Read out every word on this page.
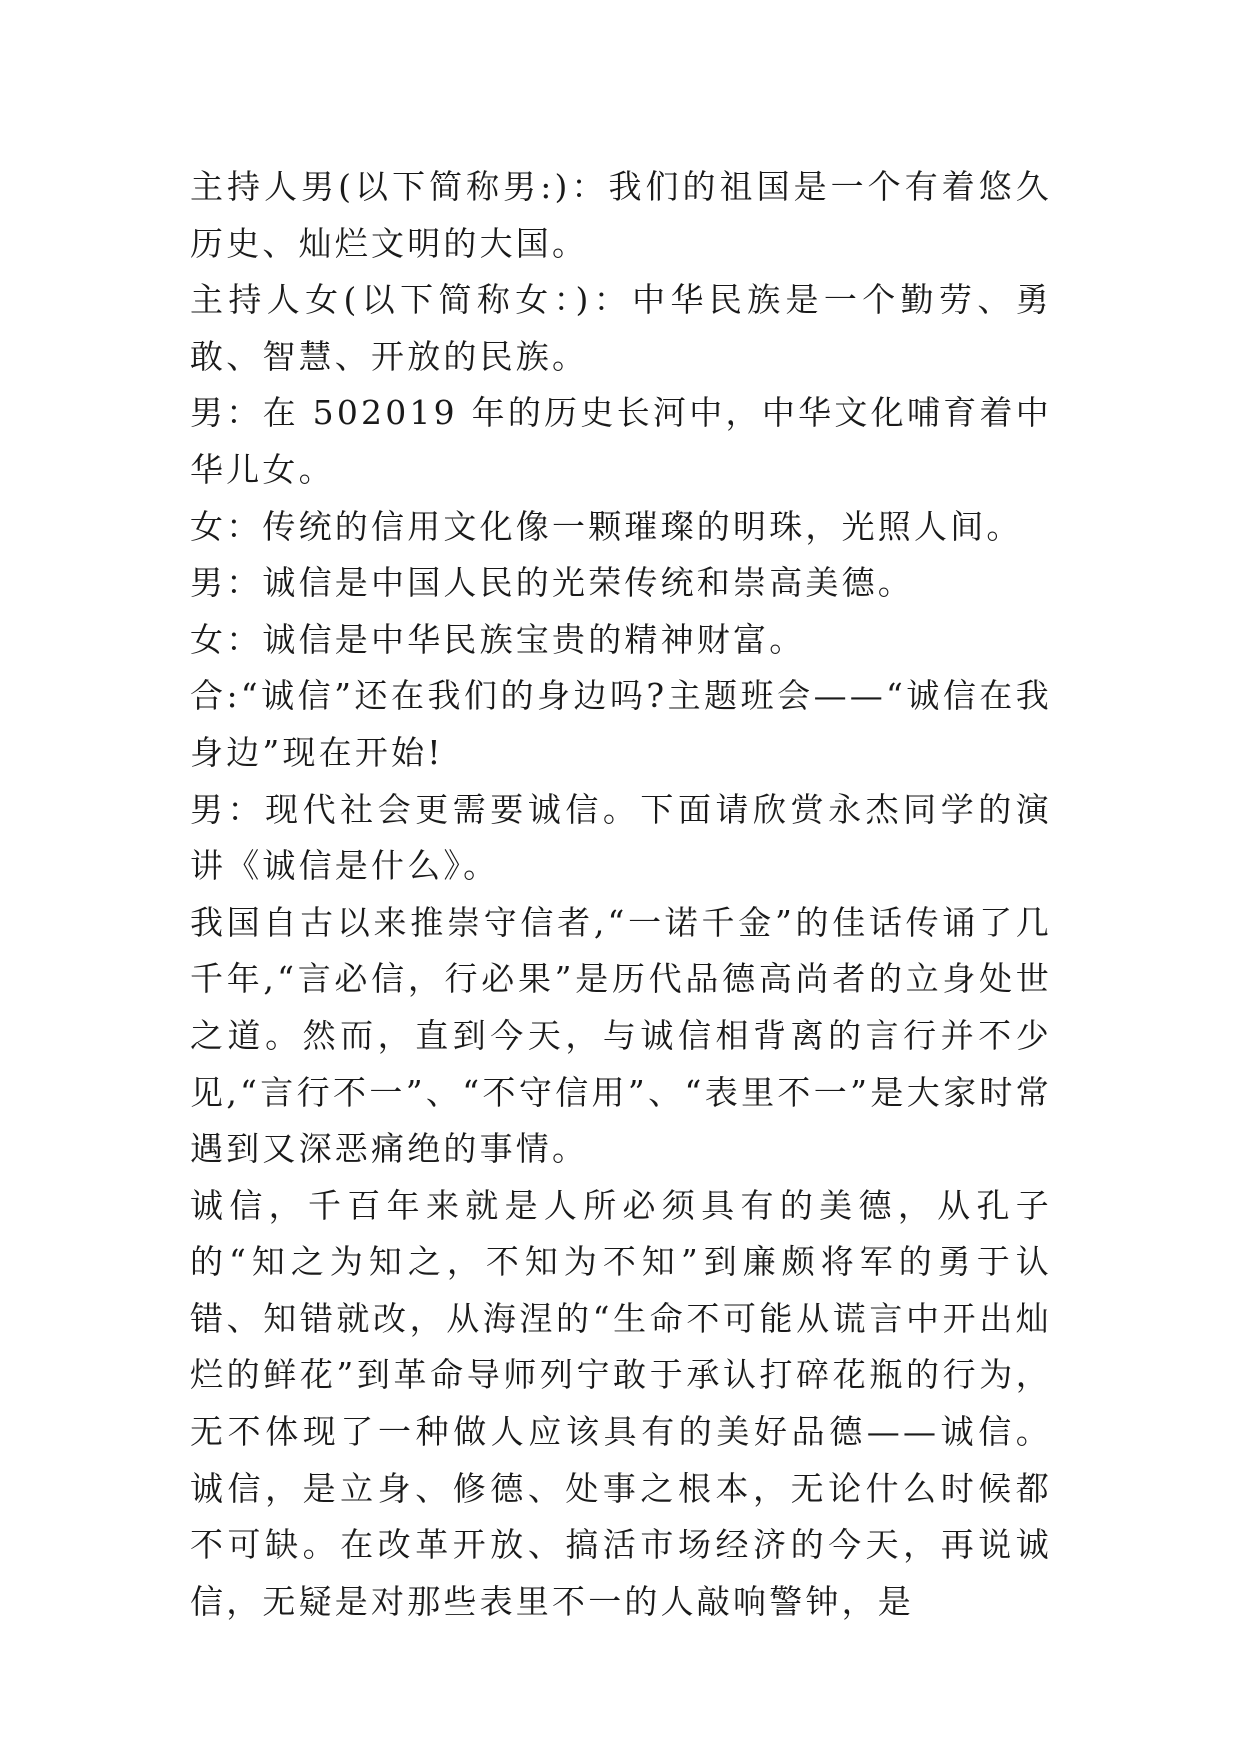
主持人男(以下简称男:)：我们的祖国是一个有着悠久历史、灿烂文明的大国。

主持人女(以下简称女：)：中华民族是一个勤劳、勇敢、智慧、开放的民族。

男：在 502019 年的历史长河中，中华文化哺育着中华儿女。

女：传统的信用文化像一颗璀璨的明珠，光照人间。

男：诚信是中国人民的光荣传统和崇高美德。

女：诚信是中华民族宝贵的精神财富。

合:“诚信”还在我们的身边吗?主题班会——“诚信在我身边”现在开始!

男：现代社会更需要诚信。下面请欣赏永杰同学的演讲《诚信是什么》。

我国自古以来推崇守信者,“一诺千金”的佳话传诵了几千年,“言必信，行必果”是历代品德高尚者的立身处世之道。然而，直到今天，与诚信相背离的言行并不少见,“言行不一”、“不守信用”、“表里不一”是大家时常遇到又深恶痛绝的事情。

诚信，千百年来就是人所必须具有的美德，从孔子的“知之为知之，不知为不知”到廉颇将军的勇于认错、知错就改，从海涅的“生命不可能从谎言中开出灿烂的鲜花”到革命导师列宁敢于承认打碎花瓶的行为，无不体现了一种做人应该具有的美好品德——诚信。诚信，是立身、修德、处事之根本，无论什么时候都不可缺。在改革开放、搞活市场经济的今天，再说诚信，无疑是对那些表里不一的人敲响警钟，是
